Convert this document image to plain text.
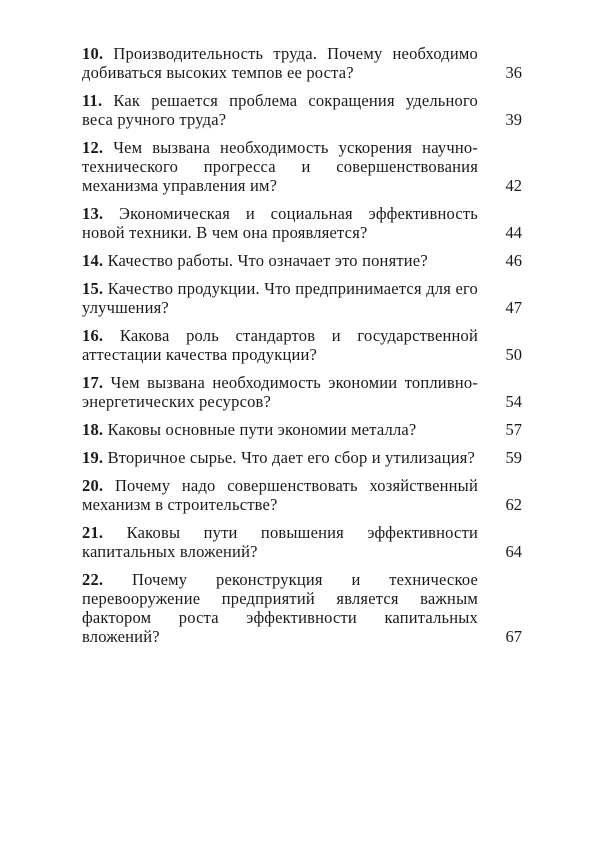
10. Производительность труда. Почему необходимо добиваться высоких темпов ее роста?	36
11. Как решается проблема сокращения удельного веса ручного труда?	39
12. Чем вызвана необходимость ускорения научно-технического прогресса и совершенствования механизма управления им?	42
13. Экономическая и социальная эффективность новой техники. В чем она проявляется?	44
14. Качество работы. Что означает это понятие?	46
15. Качество продукции. Что предпринимается для его улучшения?	47
16. Какова роль стандартов и государственной аттестации качества продукции?	50
17. Чем вызвана необходимость экономии топливно-энергетических ресурсов?	54
18. Каковы основные пути экономии металла?	57
19. Вторичное сырье. Что дает его сбор и утилизация?	59
20. Почему надо совершенствовать хозяйственный механизм в строительстве?	62
21. Каковы пути повышения эффективности капитальных вложений?	64
22. Почему реконструкция и техническое перевооружение предприятий является важным фактором роста эффективности капитальных вложений?	67
